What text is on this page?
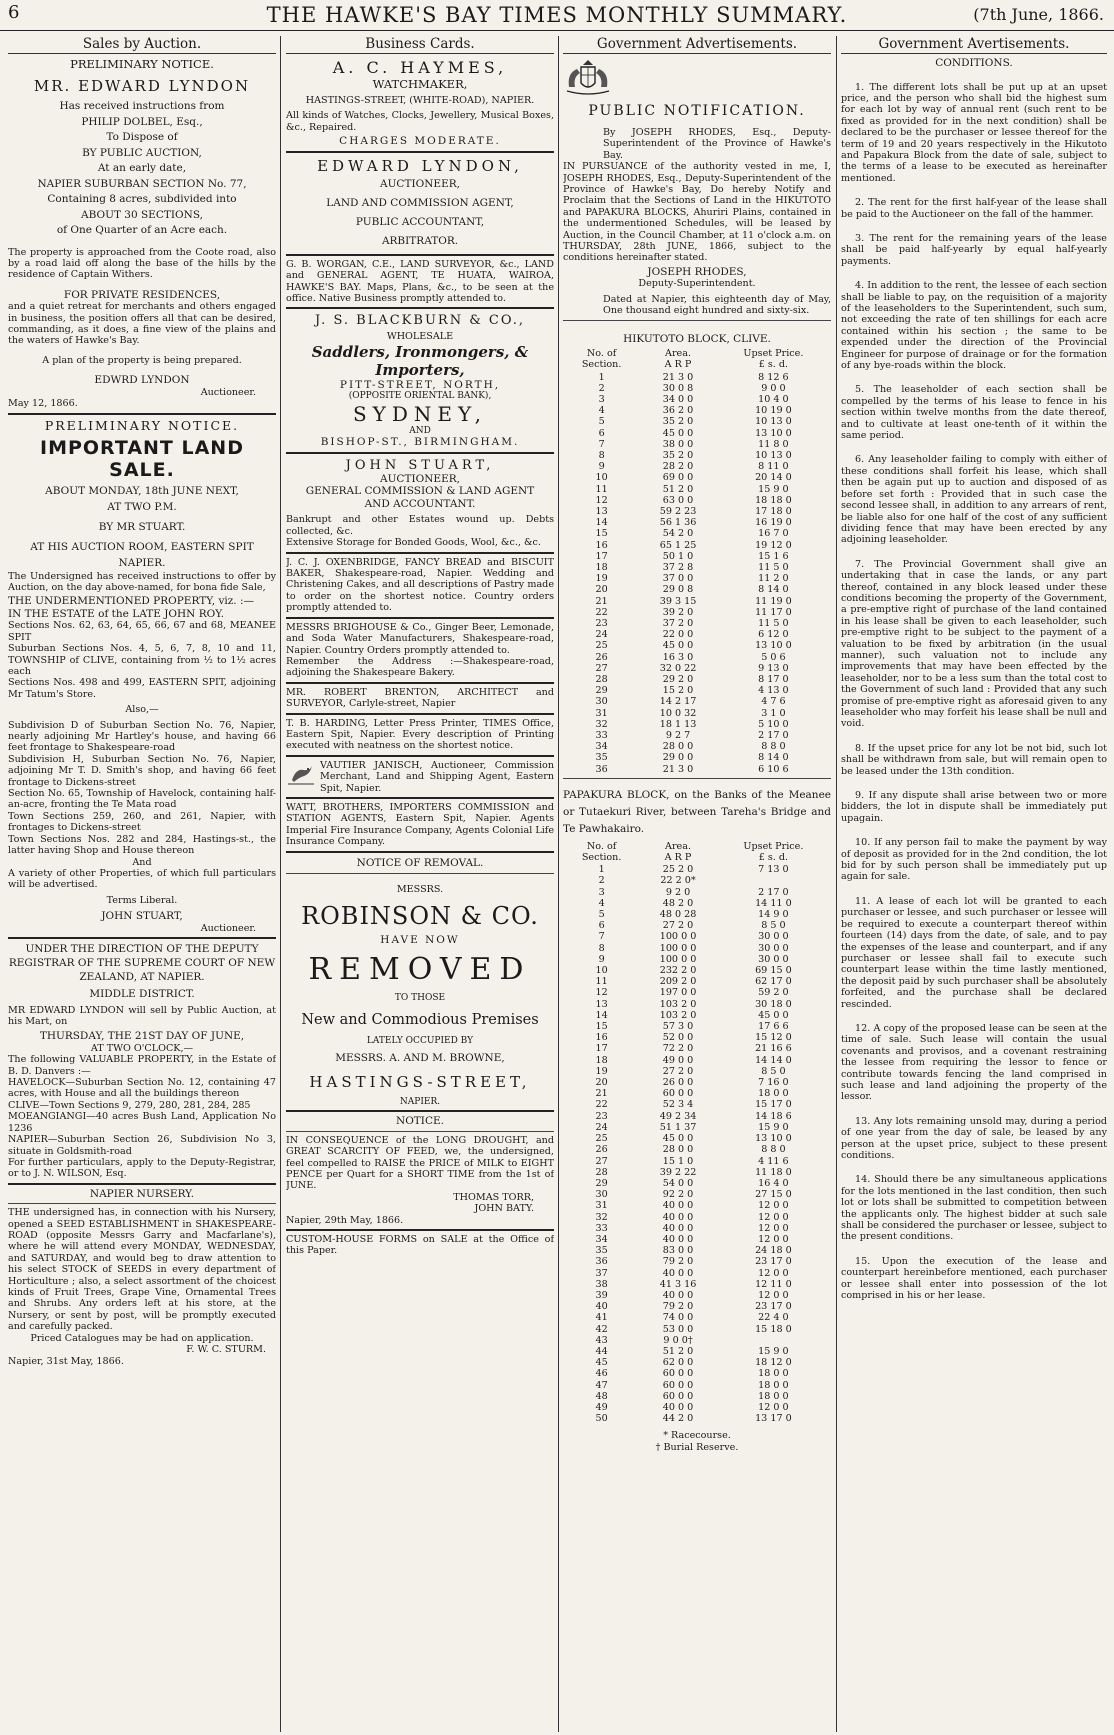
6	THE HAWKE'S BAY TIMES MONTHLY SUMMARY.	(7th June, 1866.
Sales by Auction.
PRELIMINARY NOTICE.
MR. EDWARD LYNDON
Has received instructions from
PHILIP DOLBEL, Esq.,
To Dispose of
BY PUBLIC AUCTION,
At an early date,
NAPIER SUBURBAN SECTION No. 77,
Containing 8 acres, subdivided into
ABOUT 30 SECTIONS,
of One Quarter of an Acre each.

The property is approached from the Coote road, also by a road laid off along the base of the hills by the residence of Captain Withers.

FOR PRIVATE RESIDENCES,

and a quiet retreat for merchants and others engaged in business, the position offers all that can be desired, commanding, as it does, a fine view of the plains and the waters of Hawke's Bay.

A plan of the property is being prepared.
EDWRD LYNDON
Auctioneer.
May 12, 1866.
PRELIMINARY NOTICE.
IMPORTANT LAND SALE.
ABOUT MONDAY, 18th JUNE NEXT,
AT TWO P.M.
BY MR STUART.
AT HIS AUCTION ROOM, EASTERN SPIT NAPIER.

The Undersigned has received instructions to offer by Auction, on the day above-named, for bona fide Sale,

THE UNDERMENTIONED PROPERTY, viz. :—
IN THE ESTATE of the LATE JOHN ROY.

Sections Nos. 62, 63, 64, 65, 66, 67 and 68, MEANEE SPIT

Suburban Sections Nos. 4, 5, 6, 7, 8, 10 and 11, TOWNSHIP of CLIVE, containing from ½ to 1½ acres each

Sections Nos. 498 and 499, EASTERN SPIT, adjoining Mr Tatum's Store.

Also,—

Subdivision D of Suburban Section No. 76, Napier, nearly adjoining Mr Hartley's house, and having 66 feet frontage to Shakespeare-road

Subdivision H, Suburban Section No. 76, Napier, adjoining Mr T. D. Smith's shop, and having 66 feet frontage to Dickens-street

Section No. 65, Township of Havelock, containing half-an-acre, fronting the Te Mata road

Town Sections 259, 260, and 261, Napier, with frontages to Dickens-street

Town Sections Nos. 282 and 284, Hastings-st., the latter having Shop and House thereon

And

A variety of other Properties, of which full particulars will be advertised.

Terms Liberal.
JOHN STUART,
Auctioneer.
UNDER THE DIRECTION OF THE DEPUTY REGISTRAR OF THE SUPREME COURT OF NEW ZEALAND, AT NAPIER.
MIDDLE DISTRICT.

MR EDWARD LYNDON will sell by Public Auction, at his Mart, on

THURSDAY, THE 21ST DAY OF JUNE,
AT TWO O'CLOCK,—

The following VALUABLE PROPERTY, in the Estate of B. D. Danvers :—

HAVELOCK—Suburban Section No. 12, containing 47 acres, with House and all the buildings thereon

CLIVE—Town Sections 9, 279, 280, 281, 284, 285

MOEANGIANGI—40 acres Bush Land, Application No 1236

NAPIER—Suburban Section 26, Subdivision No 3, situate in Goldsmith-road

For further particulars, apply to the Deputy-Registrar, or to J. N. WILSON, Esq.

NAPIER NURSERY.

THE undersigned has, in connection with his Nursery, opened a SEED ESTABLISHMENT in SHAKESPEARE-ROAD (opposite Messrs Garry and Macfarlane's), where he will attend every MONDAY, WEDNESDAY, and SATURDAY, and would beg to draw attention to his select STOCK of SEEDS in every department of Horticulture ; also, a select assortment of the choicest kinds of Fruit Trees, Grape Vine, Ornamental Trees and Shrubs. Any orders left at his store, at the Nursery, or sent by post, will be promptly executed and carefully packed.

Priced Catalogues may be had on application.
F. W. C. STURM.
Napier, 31st May, 1866.
Business Cards.
A. C. HAYMES,
WATCHMAKER,
HASTINGS-STREET, (WHITE-ROAD), NAPIER.

All kinds of Watches, Clocks, Jewellery, Musical Boxes, &c., Repaired.

CHARGES MODERATE.
EDWARD LYNDON,
AUCTIONEER,
LAND AND COMMISSION AGENT,
PUBLIC ACCOUNTANT,
ARBITRATOR.

G. B. WORGAN, C.E., LAND SURVEYOR, &c., LAND and GENERAL AGENT, TE HUATA, WAIROA, HAWKE'S BAY. Maps, Plans, &c., to be seen at the office. Native Business promptly attended to.

J. S. BLACKBURN & CO.,
WHOLESALE
Saddlers, Ironmongers, & Importers,
PITT-STREET, NORTH,
(OPPOSITE ORIENTAL BANK),
SYDNEY,
AND
BISHOP-ST., BIRMINGHAM.
JOHN STUART,
AUCTIONEER,
GENERAL COMMISSION & LAND AGENT
AND ACCOUNTANT.

Bankrupt and other Estates wound up. Debts collected, &c.

Extensive Storage for Bonded Goods, Wool, &c., &c.

J. C. J. OXENBRIDGE, FANCY BREAD and BISCUIT BAKER, Shakespeare-road, Napier. Wedding and Christening Cakes, and all descriptions of Pastry made to order on the shortest notice. Country orders promptly attended to.

MESSRS BRIGHOUSE & Co., Ginger Beer, Lemonade, and Soda Water Manufacturers, Shakespeare-road, Napier. Country Orders promptly attended to.

Remember the Address :—Shakespeare-road, adjoining the Shakespeare Bakery.

MR. ROBERT BRENTON, ARCHITECT and SURVEYOR, Carlyle-street, Napier

T. B. HARDING, Letter Press Printer, TIMES Office, Eastern Spit, Napier. Every description of Printing executed with neatness on the shortest notice.

VAUTIER JANISCH, Auctioneer, Commission Merchant, Land and Shipping Agent, Eastern Spit, Napier.

WATT, BROTHERS, IMPORTERS COMMISSION and STATION AGENTS, Eastern Spit, Napier. Agents Imperial Fire Insurance Company, Agents Colonial Life Insurance Company.

NOTICE OF REMOVAL.
MESSRS.
ROBINSON & CO.
HAVE NOW
REMOVED
TO THOSE
New and Commodious Premises
LATELY OCCUPIED BY
MESSRS. A. AND M. BROWNE,
HASTINGS-STREET,
NAPIER.
NOTICE.

IN CONSEQUENCE of the LONG DROUGHT, and GREAT SCARCITY OF FEED, we, the undersigned, feel compelled to RAISE the PRICE of MILK to EIGHT PENCE per Quart for a SHORT TIME from the 1st of JUNE.

THOMAS TORR,
JOHN BATY.
Napier, 29th May, 1866.

CUSTOM-HOUSE FORMS on SALE at the Office of this Paper.

Government Advertisements.
PUBLIC NOTIFICATION.

By JOSEPH RHODES, Esq., Deputy-Superintendent of the Province of Hawke's Bay.

IN PURSUANCE of the authority vested in me, I, JOSEPH RHODES, Esq., Deputy-Superintendent of the Province of Hawke's Bay, Do hereby Notify and Proclaim that the Sections of Land in the HIKUTOTO and PAPAKURA BLOCKS, Ahuriri Plains, contained in the undermentioned Schedules, will be leased by Auction, in the Council Chamber, at 11 o'clock a.m. on THURSDAY, 28th JUNE, 1866, subject to the conditions hereinafter stated.

JOSEPH RHODES,
Deputy-Superintendent.

Dated at Napier, this eighteenth day of May, One thousand eight hundred and sixty-six.

HIKUTOTO BLOCK, CLIVE.
No. of
Section.	Area.
A R P	Upset Price.
£ s. d.
1	21 3 0	8 12 6
2	30 0 8	9 0 0
3	34 0 0	10 4 0
4	36 2 0	10 19 0
5	35 2 0	10 13 0
6	45 0 0	13 10 0
7	38 0 0	11 8 0
8	35 2 0	10 13 0
9	28 2 0	8 11 0
10	69 0 0	20 14 0
11	51 2 0	15 9 0
12	63 0 0	18 18 0
13	59 2 23	17 18 0
14	56 1 36	16 19 0
15	54 2 0	16 7 0
16	65 1 25	19 12 0
17	50 1 0	15 1 6
18	37 2 8	11 5 0
19	37 0 0	11 2 0
20	29 0 8	8 14 0
21	39 3 15	11 19 0
22	39 2 0	11 17 0
23	37 2 0	11 5 0
24	22 0 0	6 12 0
25	45 0 0	13 10 0
26	16 3 0	5 0 6
27	32 0 22	9 13 0
28	29 2 0	8 17 0
29	15 2 0	4 13 0
30	14 2 17	4 7 6
31	10 0 32	3 1 0
32	18 1 13	5 10 0
33	9 2 7	2 17 0
34	28 0 0	8 8 0
35	29 0 0	8 14 0
36	21 3 0	6 10 6

PAPAKURA BLOCK, on the Banks of the Meanee or Tutaekuri River, between Tareha's Bridge and Te Pawhakairo.

No. of
Section.	Area.
A R P	Upset Price.
£ s. d.
1	25 2 0	7 13 0
2	22 2 0*	
3	9 2 0	2 17 0
4	48 2 0	14 11 0
5	48 0 28	14 9 0
6	27 2 0	8 5 0
7	100 0 0	30 0 0
8	100 0 0	30 0 0
9	100 0 0	30 0 0
10	232 2 0	69 15 0
11	209 2 0	62 17 0
12	197 0 0	59 2 0
13	103 2 0	30 18 0
14	103 2 0	45 0 0
15	57 3 0	17 6 6
16	52 0 0	15 12 0
17	72 2 0	21 16 6
18	49 0 0	14 14 0
19	27 2 0	8 5 0
20	26 0 0	7 16 0
21	60 0 0	18 0 0
22	52 3 4	15 17 0
23	49 2 34	14 18 6
24	51 1 37	15 9 0
25	45 0 0	13 10 0
26	28 0 0	8 8 0
27	15 1 0	4 11 6
28	39 2 22	11 18 0
29	54 0 0	16 4 0
30	92 2 0	27 15 0
31	40 0 0	12 0 0
32	40 0 0	12 0 0
33	40 0 0	12 0 0
34	40 0 0	12 0 0
35	83 0 0	24 18 0
36	79 2 0	23 17 0
37	40 0 0	12 0 0
38	41 3 16	12 11 0
39	40 0 0	12 0 0
40	79 2 0	23 17 0
41	74 0 0	22 4 0
42	53 0 0	15 18 0
43	9 0 0†	
44	51 2 0	15 9 0
45	62 0 0	18 12 0
46	60 0 0	18 0 0
47	60 0 0	18 0 0
48	60 0 0	18 0 0
49	40 0 0	12 0 0
50	44 2 0	13 17 0
* Racecourse.
† Burial Reserve.
Government Avertisements.
CONDITIONS.

1. The different lots shall be put up at an upset price, and the person who shall bid the highest sum for each lot by way of annual rent (such rent to be fixed as provided for in the next condition) shall be declared to be the purchaser or lessee thereof for the term of 19 and 20 years respectively in the Hikutoto and Papakura Block from the date of sale, subject to the terms of a lease to be executed as hereinafter mentioned.

2. The rent for the first half-year of the lease shall be paid to the Auctioneer on the fall of the hammer.

3. The rent for the remaining years of the lease shall be paid half-yearly by equal half-yearly payments.

4. In addition to the rent, the lessee of each section shall be liable to pay, on the requisition of a majority of the leaseholders to the Superintendent, such sum, not exceeding the rate of ten shillings for each acre contained within his section ; the same to be expended under the direction of the Provincial Engineer for purpose of drainage or for the formation of any bye-roads within the block.

5. The leaseholder of each section shall be compelled by the terms of his lease to fence in his section within twelve months from the date thereof, and to cultivate at least one-tenth of it within the same period.

6. Any leaseholder failing to comply with either of these conditions shall forfeit his lease, which shall then be again put up to auction and disposed of as before set forth : Provided that in such case the second lessee shall, in addition to any arrears of rent, be liable also for one half of the cost of any sufficient dividing fence that may have been erected by any adjoining leaseholder.

7. The Provincial Government shall give an undertaking that in case the lands, or any part thereof, contained in any block leased under these conditions becoming the property of the Government, a pre-emptive right of purchase of the land contained in his lease shall be given to each leaseholder, such pre-emptive right to be subject to the payment of a valuation to be fixed by arbitration (in the usual manner), such valuation not to include any improvements that may have been effected by the leaseholder, nor to be a less sum than the total cost to the Government of such land : Provided that any such promise of pre-emptive right as aforesaid given to any leaseholder who may forfeit his lease shall be null and void.

8. If the upset price for any lot be not bid, such lot shall be withdrawn from sale, but will remain open to be leased under the 13th condition.

9. If any dispute shall arise between two or more bidders, the lot in dispute shall be immediately put upagain.

10. If any person fail to make the payment by way of deposit as provided for in the 2nd condition, the lot bid for by such person shall be immediately put up again for sale.

11. A lease of each lot will be granted to each purchaser or lessee, and such purchaser or lessee will be required to execute a counterpart thereof within fourteen (14) days from the date, of sale, and to pay the expenses of the lease and counterpart, and if any purchaser or lessee shall fail to execute such counterpart lease within the time lastly mentioned, the deposit paid by such purchaser shall be absolutely forfeited, and the purchase shall be declared rescinded.

12. A copy of the proposed lease can be seen at the time of sale. Such lease will contain the usual covenants and provisos, and a covenant restraining the lessee from requiring the lessor to fence or contribute towards fencing the land comprised in such lease and land adjoining the property of the lessor.

13. Any lots remaining unsold may, during a period of one year from the day of sale, be leased by any person at the upset price, subject to these present conditions.

14. Should there be any simultaneous applications for the lots mentioned in the last condition, then such lot or lots shall be submitted to competition between the applicants only. The highest bidder at such sale shall be considered the purchaser or lessee, subject to the present conditions.

15. Upon the execution of the lease and counterpart hereinbefore mentioned, each purchaser or lessee shall enter into possession of the lot comprised in his or her lease.
